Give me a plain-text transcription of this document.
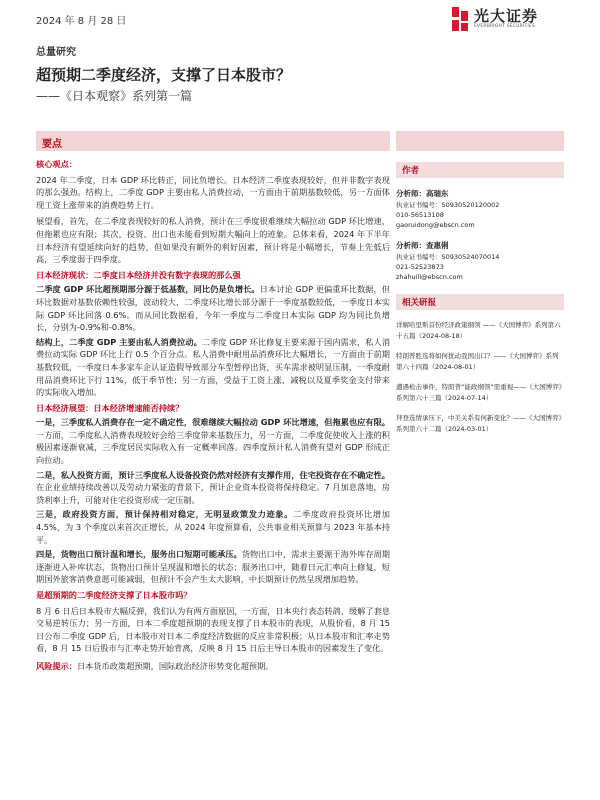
2024 年 8 月 28 日	光大证券
EVERBRIGHT SECURITIES
总量研究
超预期二季度经济，支撑了日本股市？
——《日本观察》系列第一篇
要点
核心观点：

2024 年二季度，日本 GDP 环比转正，同比负增长。日本经济二季度表现较好，但并非数字表现的那么强劲。结构上，二季度 GDP 主要由私人消费拉动，一方面由于前期基数较低，另一方面体现工资上涨带来的消费趋势上行。

展望看，首先，在二季度表现较好的私人消费，预计在三季度很难继续大幅拉动 GDP 环比增速，但拖累也应有限；其次，投资、出口也未能看到短期大幅向上的迹象。总体来看，2024 年下半年日本经济有望延续向好的趋势，但如果没有额外的利好因素，预计将是小幅增长，节奏上先低后高，三季度弱于四季度。

日本经济现状：二季度日本经济并没有数字表现的那么强

二季度 GDP 环比超预期部分源于低基数，同比仍是负增长。日本讨论 GDP 更偏重环比数据，但环比数据对基数依赖性较强，波动较大，二季度环比增长部分源于一季度基数较低，一季度日本实际 GDP 环比回落 0.6%。而从同比数据看，今年一季度与二季度日本实际 GDP 均为同比负增长，分别为-0.9%和-0.8%。

结构上，二季度 GDP 主要由私人消费拉动。二季度 GDP 环比修复主要来源于国内需求，私人消费拉动实际 GDP 环比上行 0.5 个百分点。私人消费中耐用品消费环比大幅增长，一方面由于前期基数较低，一季度日本多家车企认证造假导致部分车型暂停出货，买车需求被明显压制，一季度耐用品消费环比下行 11%，低于季节性；另一方面，受益于工资上涨、减税以及夏季奖金支付带来的实际收入增加。

日本经济展望：日本经济增速能否持续？

一是，三季度私人消费存在一定不确定性，很难继续大幅拉动 GDP 环比增速，但拖累也应有限。一方面，二季度私人消费表现较好会给三季度带来基数压力，另一方面，二季度促使收入上涨的积极因素逐渐衰减，三季度居民实际收入有一定概率回落。四季度预计私人消费有望对 GDP 形成正向拉动。

二是，私人投资方面，预计三季度私人设备投资仍然对经济有支撑作用，住宅投资存在不确定性。在企业业绩持续改善以及劳动力紧张的背景下，预计企业资本投资将保持稳定。7 月加息落地，房贷利率上升，可能对住宅投资形成一定压制。

三是，政府投资方面，预计保持相对稳定，无明显政策发力迹象。二季度政府投资环比增加 4.5%，为 3 个季度以来首次正增长，从 2024 年度预算看，公共事业相关预算与 2023 年基本持平。

四是，货物出口预计温和增长，服务出口短期可能承压。货物出口中，需求主要源于海外库存周期逐渐进入补库状态，货物出口预计呈现温和增长的状态；服务出口中，随着日元汇率向上修复，短期国外旅客消费意愿可能减弱，但预计不会产生太大影响，中长期预计仍然呈现增加趋势。

是超预期的二季度经济支撑了日本股市吗？

8 月 6 日后日本股市大幅反弹，我们认为有两方面原因，一方面，日本央行表态转鸽，缓解了套息交易逆转压力；另一方面，日本二季度超预期的表现支撑了日本股市的表现，从股价看，8 月 15 日公布二季度 GDP 后，日本股市对日本二季度经济数据的反应非常积极；从日本股市和汇率走势看，8 月 15 日后股市与汇率走势开始背离，反映 8 月 15 日后主导日本股市的因素发生了变化。

风险提示：日本货币政策超预期，国际政治经济形势变化超预期。

作者
分析师：高瑞东
执业证书编号：S0930520120002
010-56513108
gaoruidong@ebscn.com
分析师：查惠俐
执业证书编号：S0930524070014
021-52523873
zhahuili@ebscn.com
相关研报
详解哈里斯首份经济政策纲领 ——《大国博弈》系列第六十五篇（2024-08-18）
特朗普胜选将如何扰动我国出口？——《大国博弈》系列第六十四篇（2024-08-01）
遭遇枪击事件，特朗普“能政纲领”需重视——《大国博弈》系列第六十三篇（2024-07-14）
拜登选情承压下，中美关系有何新变化？——《大国博弈》系列第六十二篇（2024-03-01）
